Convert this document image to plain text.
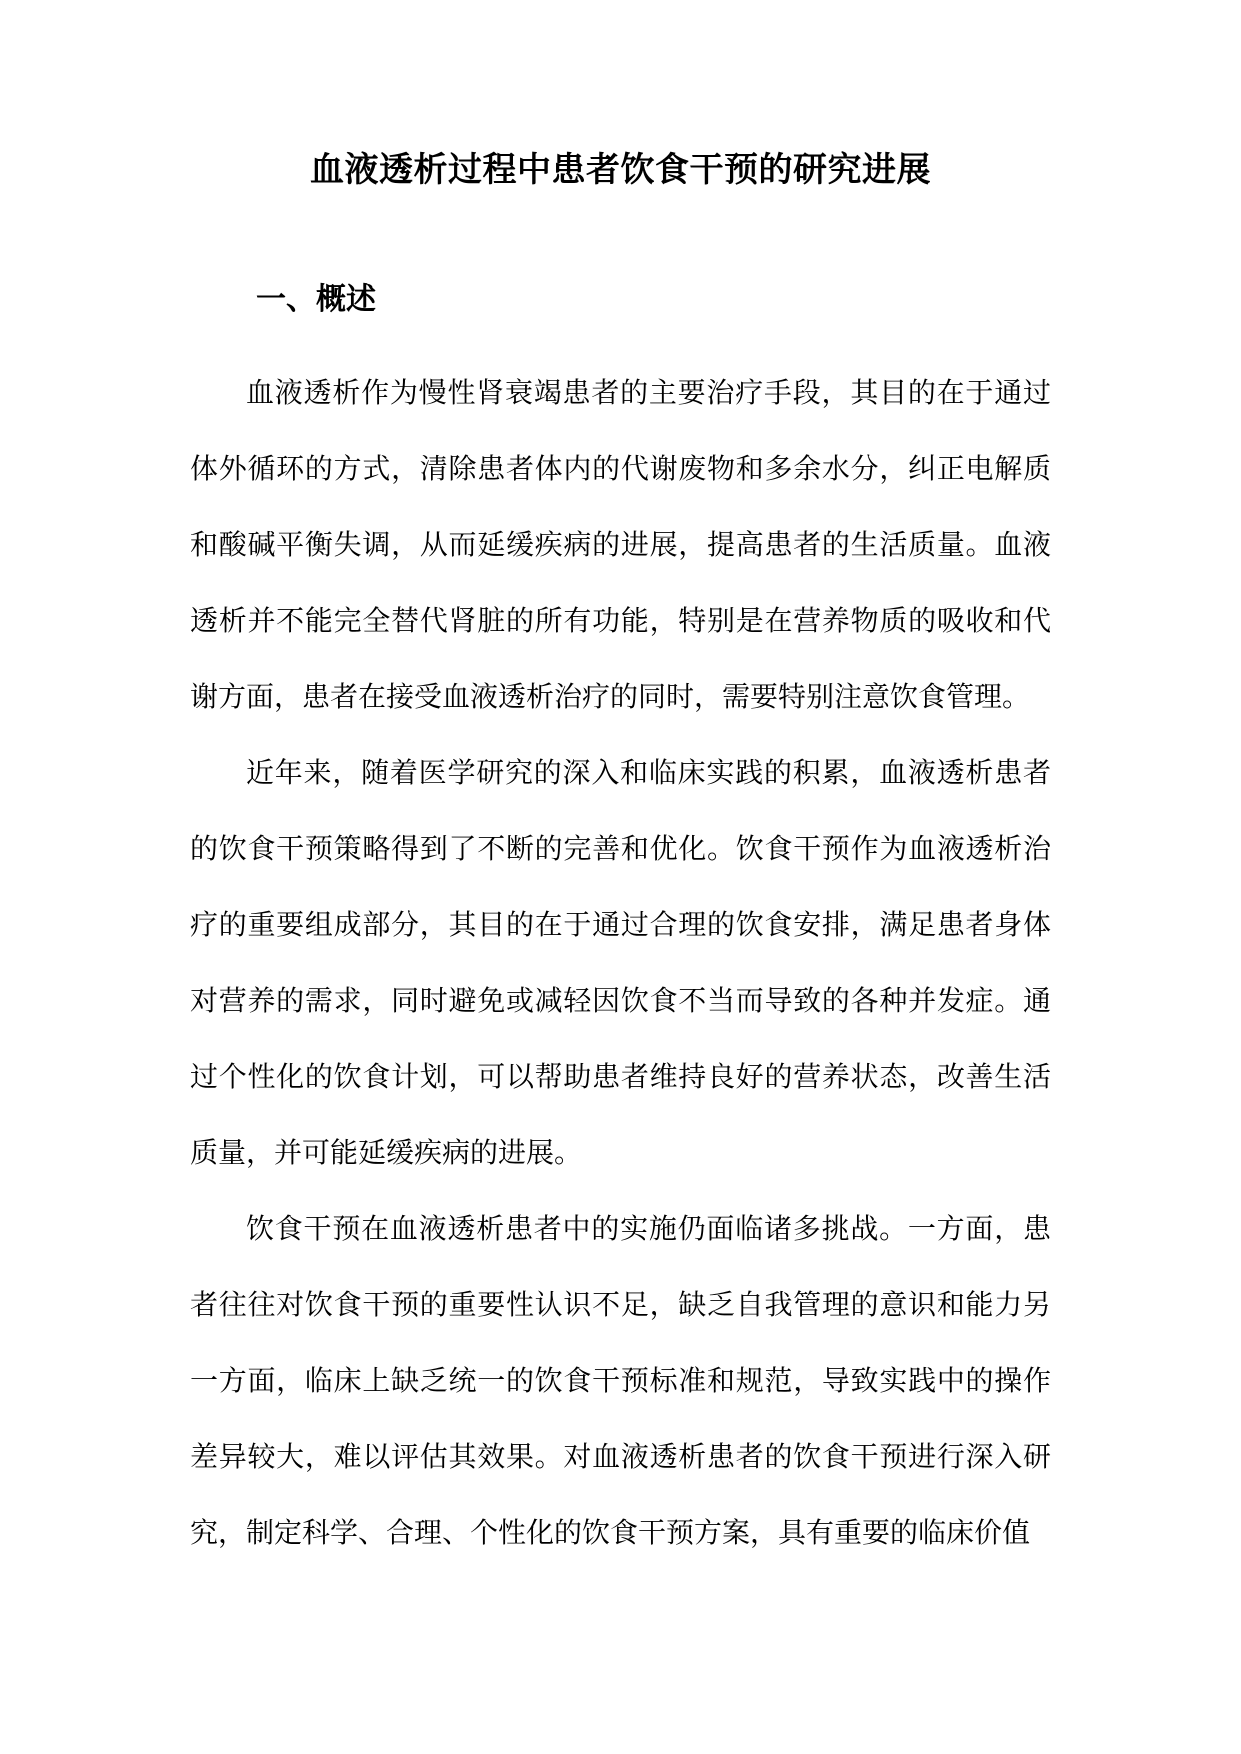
血液透析过程中患者饮食干预的研究进展
一、概述

血液透析作为慢性肾衰竭患者的主要治疗手段，其目的在于通过体外循环的方式，清除患者体内的代谢废物和多余水分，纠正电解质和酸碱平衡失调，从而延缓疾病的进展，提高患者的生活质量。血液透析并不能完全替代肾脏的所有功能，特别是在营养物质的吸收和代谢方面，患者在接受血液透析治疗的同时，需要特别注意饮食管理。

近年来，随着医学研究的深入和临床实践的积累，血液透析患者的饮食干预策略得到了不断的完善和优化。饮食干预作为血液透析治疗的重要组成部分，其目的在于通过合理的饮食安排，满足患者身体对营养的需求，同时避免或减轻因饮食不当而导致的各种并发症。通过个性化的饮食计划，可以帮助患者维持良好的营养状态，改善生活质量，并可能延缓疾病的进展。

饮食干预在血液透析患者中的实施仍面临诸多挑战。一方面，患者往往对饮食干预的重要性认识不足，缺乏自我管理的意识和能力另一方面，临床上缺乏统一的饮食干预标准和规范，导致实践中的操作差异较大，难以评估其效果。对血液透析患者的饮食干预进行深入研究，制定科学、合理、个性化的饮食干预方案，具有重要的临床价值
